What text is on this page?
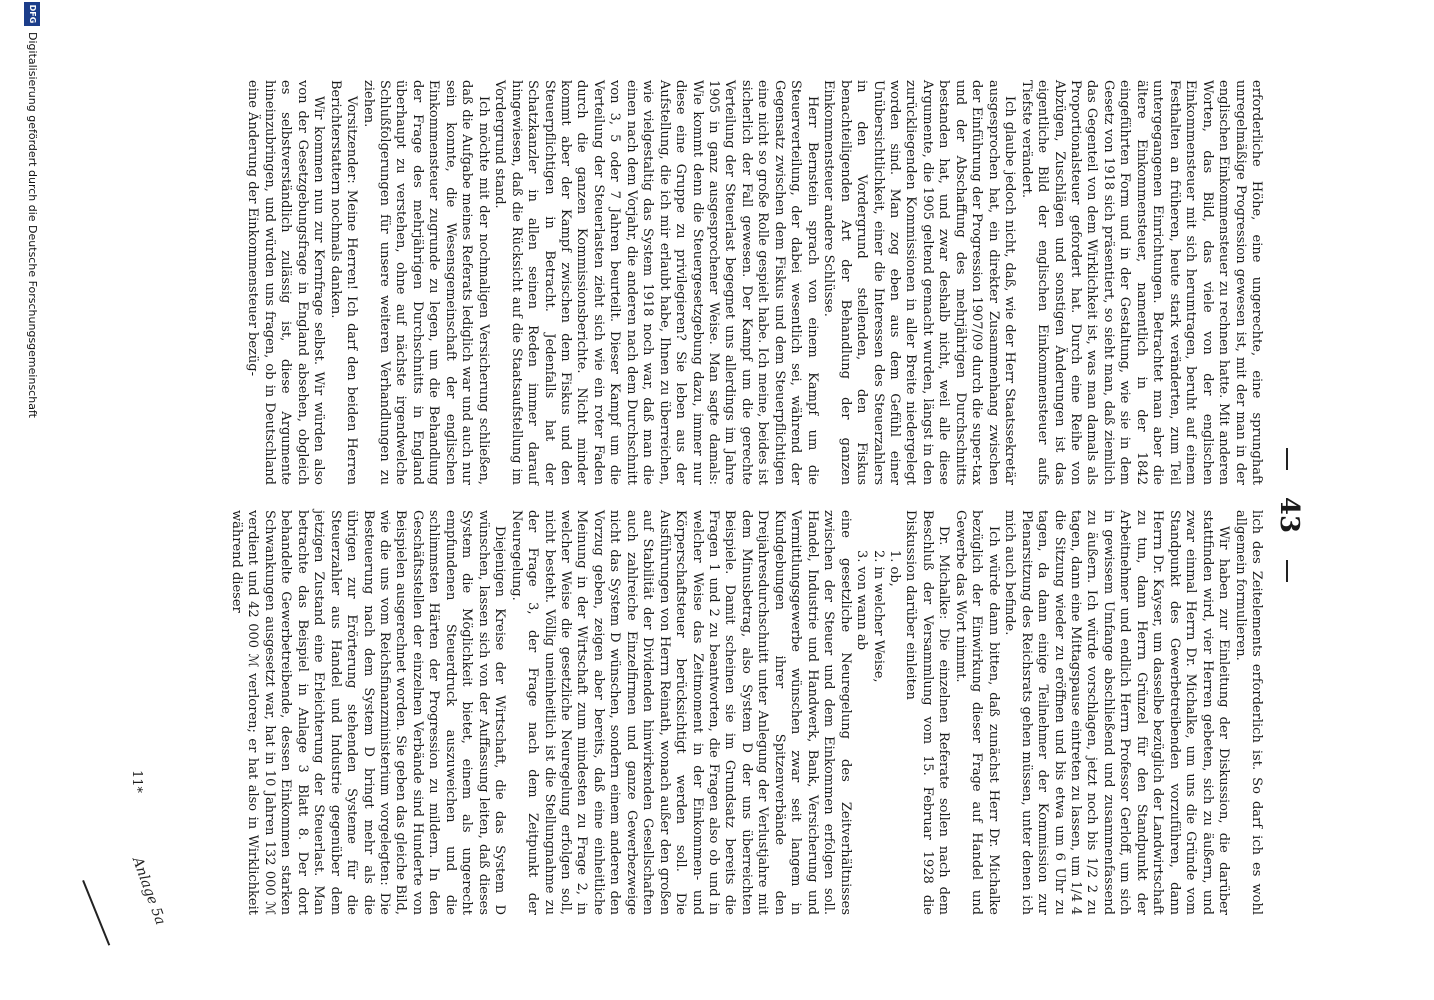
43

erforderliche Höhe, eine ungerechte, eine sprunghaft unregelmäßige Progression gewesen ist, mit der man in der englischen Einkommensteuer zu rechnen hatte. Mit anderen Worten, das Bild, das viele von der englischen Einkommensteuer mit sich herumtragen, beruht auf einem Festhalten an früheren, heute stark veränderten, zum Teil untergegangenen Einrichtungen. Betrachtet man aber die ältere Einkommensteuer, namentlich in der 1842 eingeführten Form und in der Gestaltung, wie sie in dem Gesetz von 1918 sich präsentiert, so sieht man, daß ziemlich das Gegenteil von dem Wirklichkeit ist, was man damals als Proportionalsteuer gefordert hat. Durch eine Reihe von Abzügen, Zuschlägen und sonstigen Änderungen ist das eigentliche Bild der englischen Einkommensteuer aufs Tiefste verändert.

Ich glaube jedoch nicht, daß, wie der Herr Staatssekretär ausgesprochen hat, ein direkter Zusammenhang zwischen der Einführung der Progression 1907/09 durch die super-tax und der Abschaffung des mehrjährigen Durchschnitts bestanden hat, und zwar deshalb nicht, weil alle diese Argumente, die 1905 geltend gemacht wurden, längst in den zurückliegenden Kommissionen in aller Breite niedergelegt worden sind. Man zog eben aus dem Gefühl einer Unübersichtlichkeit, einer die Interessen des Steuerzahlers in den Vordergrund stellenden, den Fiskus benachteiligenden Art der Behandlung der ganzen Einkommensteuer andere Schlüsse.

Herr Bernstein sprach von einem Kampf um die Steuerverteilung, der dabei wesentlich sei, während der Gegensatz zwischen dem Fiskus und dem Steuerpflichtigen eine nicht so große Rolle gespielt habe. Ich meine, beides ist sicherlich der Fall gewesen. Der Kampf um die gerechte Verteilung der Steuerlast begegnet uns allerdings im Jahre 1905 in ganz ausgesprochener Weise. Man sagte damals: Wie kommt denn die Steuergesetzgebung dazu, immer nur diese eine Gruppe zu privilegieren? Sie leben aus der Aufstellung, die ich mir erlaubt habe, Ihnen zu überreichen, wie vielgestaltig das System 1918 noch war, daß man die einen nach dem Vorjahr, die anderen nach dem Durchschnitt von 3, 5 oder 7 Jahren beurteilt. Dieser Kampf um die Verteilung der Steuerlasten zieht sich wie ein roter Faden durch die ganzen Kommissionsberichte. Nicht minder kommt aber der Kampf zwischen dem Fiskus und den Steuerpflichtigen in Betracht. Jedenfalls hat der Schatzkanzler in allen seinen Reden immer darauf hingewiesen, daß die Rücksicht auf die Staatsaufstellung im Vordergrund stand.

Ich möchte mit der nochmaligen Versicherung schließen, daß die Aufgabe meines Referats lediglich war und auch nur sein konnte, die Wesensgemeinschaft der englischen Einkommensteuer zugrunde zu legen, um die Behandlung der Frage des mehrjährigen Durchschnitts in England überhaupt zu verstehen, ohne auf nächste irgendwelche Schlußfolgerungen für unsere weiteren Verhandlungen zu ziehen.

Vorsitzender: Meine Herren! Ich darf den beiden Herren Berichterstattern nochmals danken.

Wir kommen nun zur Kernfrage selbst. Wir würden also von der Gesetzgebungsfrage in England absehen, obgleich es selbstverständlich zulässig ist, diese Argumente hineinzubringen, und würden uns fragen, ob in Deutschland eine Änderung der Einkommensteuer bezüg-

lich des Zeitelements erforderlich ist. So darf ich es wohl allgemein formulieren.

Wir haben zur Einleitung der Diskussion, die darüber stattfinden wird, vier Herren gebeten, sich zu äußern, und zwar einmal Herrn Dr. Michalke, um uns die Gründe vom Standpunkt des Gewerbetreibenden vorzuführen, dann Herrn Dr. Kayser, um dasselbe bezüglich der Landwirtschaft zu tun, dann Herrn Grünzel für den Standpunkt der Arbeitnehmer und endlich Herrn Professor Gerloff, um sich in gewissem Umfange abschließend und zusammenfassend zu äußern. Ich würde vorschlagen, jetzt noch bis 1/2 2 zu tagen, dann eine Mittagspause eintreten zu lassen, um 1/4 4 die Sitzung wieder zu eröffnen und bis etwa um 6 Uhr zu tagen, da dann einige Teilnehmer der Kommission zur Plenarsitzung des Reichsrats gehen müssen, unter denen ich mich auch befinde.

Ich würde dann bitten, daß zunächst Herr Dr. Michalke bezüglich der Einwirkung dieser Frage auf Handel und Gewerbe das Wort nimmt.

Dr. Michalke: Die einzelnen Referate sollen nach dem Beschluß der Versammlung vom 15. Februar 1928 die Diskussion darüber einleiten

1. ob,

2. in welcher Weise,

3. von wann ab

eine gesetzliche Neuregelung des Zeitverhältnisses zwischen der Steuer und dem Einkommen erfolgen soll. Handel, Industrie und Handwerk, Bank, Versicherung und Vermittlungsgewerbe wünschen zwar seit langem in Kundgebungen ihrer Spitzenverbände den Dreijahresdurchschnitt unter Anlegung der Verlustjahre mit dem Minusbetrag, also System D der uns überreichten Beispiele. Damit scheinen sie im Grundsatz bereits die Fragen 1 und 2 zu beantworten, die Fragen also ob und in welcher Weise das Zeitmoment in der Einkommen- und Körperschaftsteuer berücksichtigt werden soll. Die Ausführungen von Herrn Reinath, wonach außer den großen auf Stabilität der Dividenden hinwirkenden Gesellschaften auch zahlreiche Einzelfirmen und ganze Gewerbezweige nicht das System D wünschen, sondern einem anderen den Vorzug geben, zeigen aber bereits, daß eine einheitliche Meinung in der Wirtschaft zum mindesten zu Frage 2, in welcher Weise die gesetzliche Neuregelung erfolgen soll, nicht besteht. Völlig uneinheitlich ist die Stellungnahme zu der Frage 3, der Frage nach dem Zeitpunkt der Neuregelung.

Diejenigen Kreise der Wirtschaft, die das System D wünschen, lassen sich von der Auffassung leiten, daß dieses System die Möglichkeit bietet, einem als ungerecht empfundenen Steuerdruck auszuweichen und die schlimmsten Härten der Progression zu mildern. In den Geschäftsstellen der einzelnen Verbände sind Hunderte von Beispielen ausgerechnet worden. Sie geben das gleiche Bild, wie die uns vom Reichsfinanzministerium vorgelegten: Die Besteuerung nach dem System D bringt mehr als die übrigen zur Erörterung stehenden Systeme für die Steuerzahler aus Handel und Industrie gegenüber dem jetzigen Zustand eine Erleichterung der Steuerlast. Man betrachte das Beispiel in Anlage 3 Blatt 8. Der dort behandelte Gewerbetreibende, dessen Einkommen starken Schwankungen ausgesetzt war, hat in 10 Jahren 132 000 ℳ verdient und 42 000 ℳ verloren; er hat also in Wirklichkeit während dieser

11*
Anlage 5a
DFG
Digitalisierung gefördert durch die Deutsche Forschungsgemeinschaft
